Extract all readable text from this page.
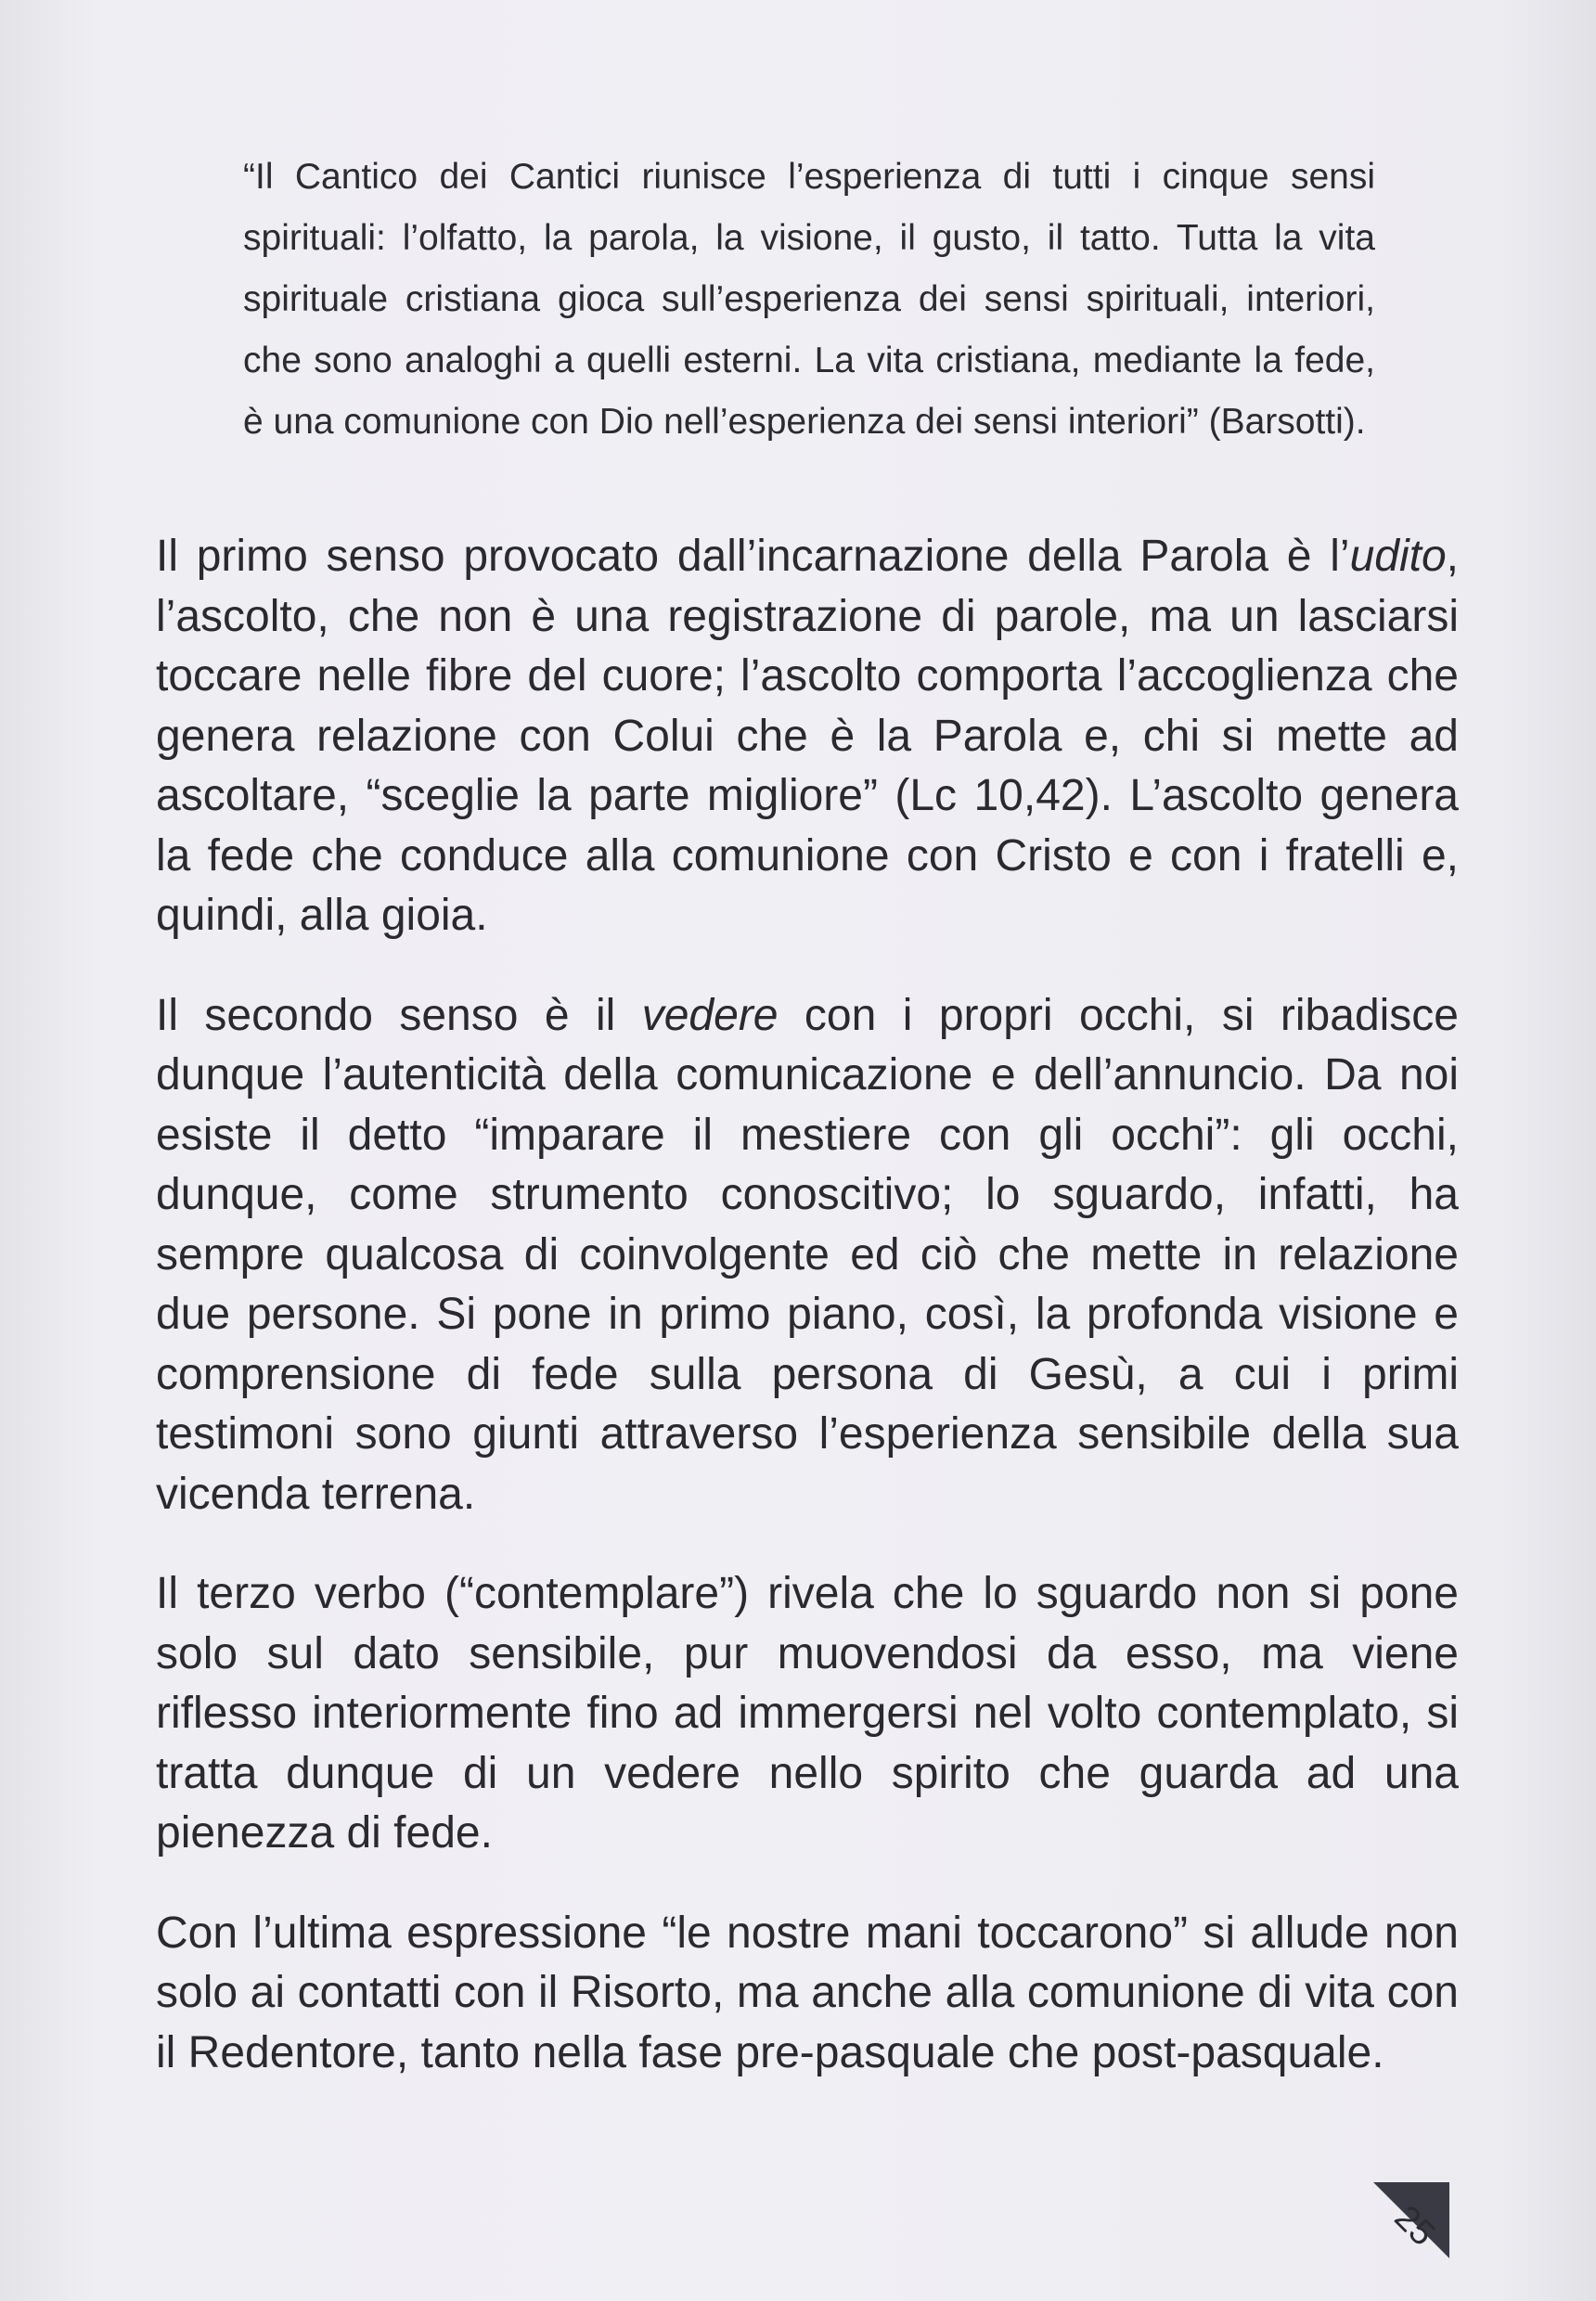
“Il Cantico dei Cantici riunisce l’esperienza di tutti i cinque sensi spirituali: l’olfatto, la parola, la visione, il gusto, il tatto. Tutta la vita spirituale cristiana gioca sull’esperienza dei sensi spirituali, interiori, che sono analoghi a quelli esterni. La vita cristiana, mediante la fede, è una comunione con Dio nell’esperienza dei sensi interiori” (Barsotti).

Il primo senso provocato dall’incarnazione della Parola è l’udito, l’ascolto, che non è una registrazione di parole, ma un lasciarsi toccare nelle fibre del cuore; l’ascolto comporta l’accoglienza che genera relazione con Colui che è la Parola e, chi si mette ad ascoltare, “sceglie la parte migliore” (Lc 10,42). L’ascolto genera la fede che conduce alla comunione con Cristo e con i fratelli e, quindi, alla gioia.

Il secondo senso è il vedere con i propri occhi, si ribadisce dunque l’autenticità della comunicazione e dell’annuncio. Da noi esiste il detto “imparare il mestiere con gli occhi”: gli occhi, dunque, come strumento conoscitivo; lo sguardo, infatti, ha sempre qualcosa di coinvolgente ed ciò che mette in relazione due persone. Si pone in primo piano, così, la profonda visione e comprensione di fede sulla persona di Gesù, a cui i primi testimoni sono giunti attraverso l’esperienza sensibile della sua vicenda terrena.

Il terzo verbo (“contemplare”) rivela che lo sguardo non si pone solo sul dato sensibile, pur muovendosi da esso, ma viene riflesso interiormente fino ad immergersi nel volto contemplato, si tratta dunque di un vedere nello spirito che guarda ad una pienezza di fede.

Con l’ultima espressione “le nostre mani toccarono” si allude non solo ai contatti con il Risorto, ma anche alla comunione di vita con il Redentore, tanto nella fase pre-pasquale che post-pasquale.

25
